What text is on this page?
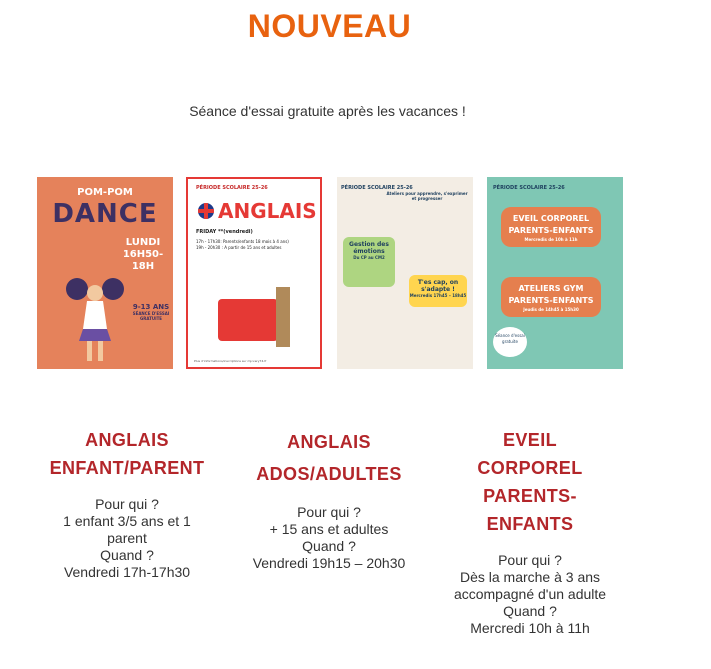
NOUVEAU
Séance d'essai gratuite après les vacances !
POM-POM
DANCE
LUNDI
16H50-18H
9-13 ANS
SÉANCE D'ESSAI GRATUITE
PÉRIODE SCOLAIRE 25-26
ANGLAIS
FRIDAY **(vendredi)
17h - 17h30: Parents/enfants 18 mois à 4 ans)
19h - 20h30 : A partir de 15 ans et adultes
Plus d'informations/inscriptions sur mjcvery74.fr
PÉRIODE SCOLAIRE 25-26
Ateliers pour apprendre, s'exprimer et progresser
Gestion des émotions
Du CP au CM2
T'es cap, on s'adapte !
Mercredis 17h45 – 18h45
PÉRIODE SCOLAIRE 25-26
EVEIL CORPOREL PARENTS-ENFANTS
Mercredis de 10h à 11h
ATELIERS GYM PARENTS-ENFANTS
Jeudis de 14h45 à 15h30
Séance d'essai gratuite
ANGLAIS
ENFANT/PARENT
Pour qui ?
1 enfant 3/5 ans et 1
parent
Quand ?
Vendredi 17h-17h30
ANGLAIS
ADOS/ADULTES
Pour qui ?
+ 15 ans et adultes
Quand ?
Vendredi 19h15 – 20h30
EVEIL
CORPOREL
PARENTS-
ENFANTS
Pour qui ?
Dès la marche à 3 ans
accompagné d'un adulte
Quand ?
Mercredi 10h à 11h
